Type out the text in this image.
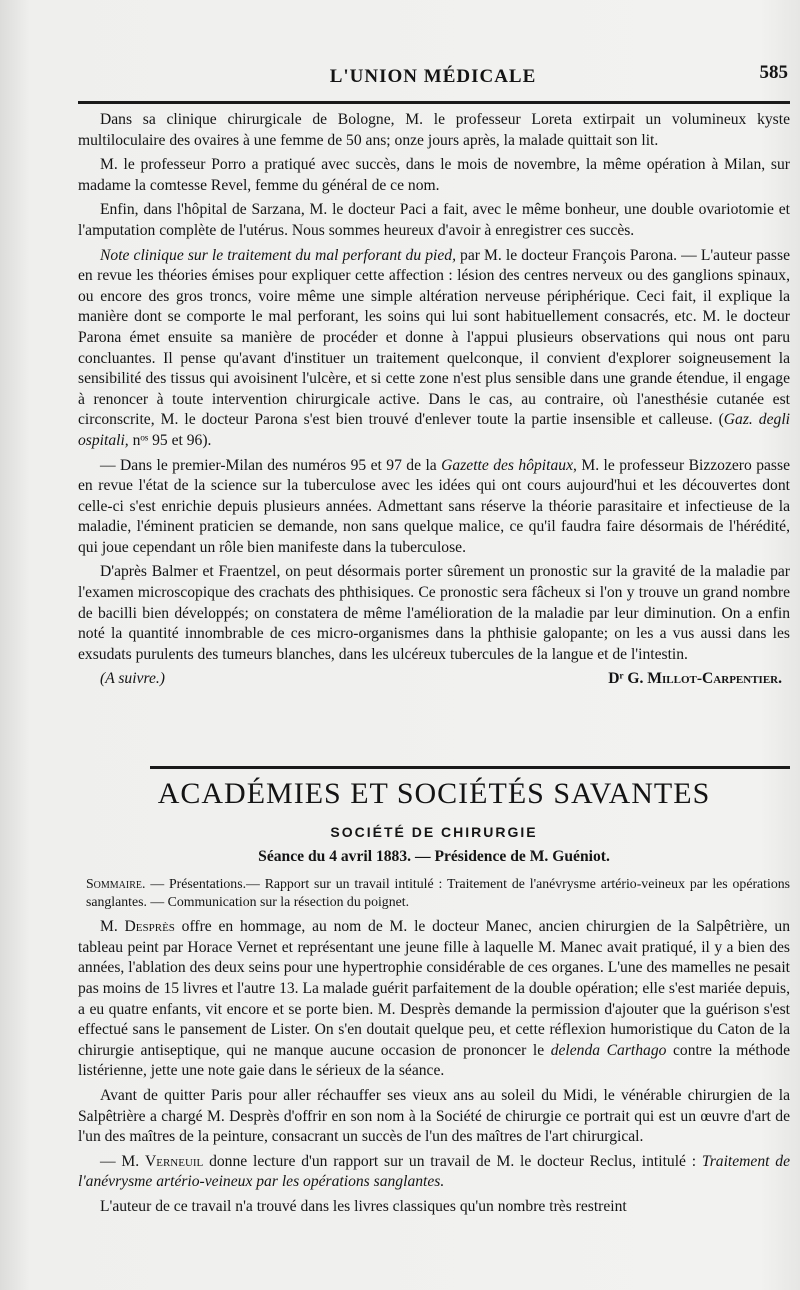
L'UNION MÉDICALE	585

Dans sa clinique chirurgicale de Bologne, M. le professeur Loreta extirpait un volumineux kyste multiloculaire des ovaires à une femme de 50 ans; onze jours après, la malade quittait son lit.

M. le professeur Porro a pratiqué avec succès, dans le mois de novembre, la même opération à Milan, sur madame la comtesse Revel, femme du général de ce nom.

Enfin, dans l'hôpital de Sarzana, M. le docteur Paci a fait, avec le même bonheur, une double ovariotomie et l'amputation complète de l'utérus. Nous sommes heureux d'avoir à enregistrer ces succès.

Note clinique sur le traitement du mal perforant du pied, par M. le docteur François Parona. — L'auteur passe en revue les théories émises pour expliquer cette affection : lésion des centres nerveux ou des ganglions spinaux, ou encore des gros troncs, voire même une simple altération nerveuse périphérique. Ceci fait, il explique la manière dont se comporte le mal perforant, les soins qui lui sont habituellement consacrés, etc. M. le docteur Parona émet ensuite sa manière de procéder et donne à l'appui plusieurs observations qui nous ont paru concluantes. Il pense qu'avant d'instituer un traitement quelconque, il convient d'explorer soigneusement la sensibilité des tissus qui avoisinent l'ulcère, et si cette zone n'est plus sensible dans une grande étendue, il engage à renoncer à toute intervention chirurgicale active. Dans le cas, au contraire, où l'anesthésie cutanée est circonscrite, M. le docteur Parona s'est bien trouvé d'enlever toute la partie insensible et calleuse. (Gaz. degli ospitali, nᵒˢ 95 et 96).

— Dans le premier-Milan des numéros 95 et 97 de la Gazette des hôpitaux, M. le professeur Bizzozero passe en revue l'état de la science sur la tuberculose avec les idées qui ont cours aujourd'hui et les découvertes dont celle-ci s'est enrichie depuis plusieurs années. Admettant sans réserve la théorie parasitaire et infectieuse de la maladie, l'éminent praticien se demande, non sans quelque malice, ce qu'il faudra faire désormais de l'hérédité, qui joue cependant un rôle bien manifeste dans la tuberculose.

D'après Balmer et Fraentzel, on peut désormais porter sûrement un pronostic sur la gravité de la maladie par l'examen microscopique des crachats des phthisiques. Ce pronostic sera fâcheux si l'on y trouve un grand nombre de bacilli bien développés; on constatera de même l'amélioration de la maladie par leur diminution. On a enfin noté la quantité innombrable de ces micro-organismes dans la phthisie galopante; on les a vus aussi dans les exsudats purulents des tumeurs blanches, dans les ulcéreux tubercules de la langue et de l'intestin.

(A suivre.)	Dʳ G. Millot-Carpentier.
ACADÉMIES ET SOCIÉTÉS SAVANTES
SOCIÉTÉ DE CHIRURGIE
Séance du 4 avril 1883. — Présidence de M. Guéniot.
Sommaire. — Présentations.— Rapport sur un travail intitulé : Traitement de l'anévrysme artério-veineux par les opérations sanglantes. — Communication sur la résection du poignet.

M. Desprès offre en hommage, au nom de M. le docteur Manec, ancien chirurgien de la Salpêtrière, un tableau peint par Horace Vernet et représentant une jeune fille à laquelle M. Manec avait pratiqué, il y a bien des années, l'ablation des deux seins pour une hypertrophie considérable de ces organes. L'une des mamelles ne pesait pas moins de 15 livres et l'autre 13. La malade guérit parfaitement de la double opération; elle s'est mariée depuis, a eu quatre enfants, vit encore et se porte bien. M. Desprès demande la permission d'ajouter que la guérison s'est effectué sans le pansement de Lister. On s'en doutait quelque peu, et cette réflexion humoristique du Caton de la chirurgie antiseptique, qui ne manque aucune occasion de prononcer le delenda Carthago contre la méthode listérienne, jette une note gaie dans le sérieux de la séance.

Avant de quitter Paris pour aller réchauffer ses vieux ans au soleil du Midi, le vénérable chirurgien de la Salpêtrière a chargé M. Desprès d'offrir en son nom à la Société de chirurgie ce portrait qui est un œuvre d'art de l'un des maîtres de la peinture, consacrant un succès de l'un des maîtres de l'art chirurgical.

— M. Verneuil donne lecture d'un rapport sur un travail de M. le docteur Reclus, intitulé : Traitement de l'anévrysme artério-veineux par les opérations sanglantes.

L'auteur de ce travail n'a trouvé dans les livres classiques qu'un nombre très restreint
